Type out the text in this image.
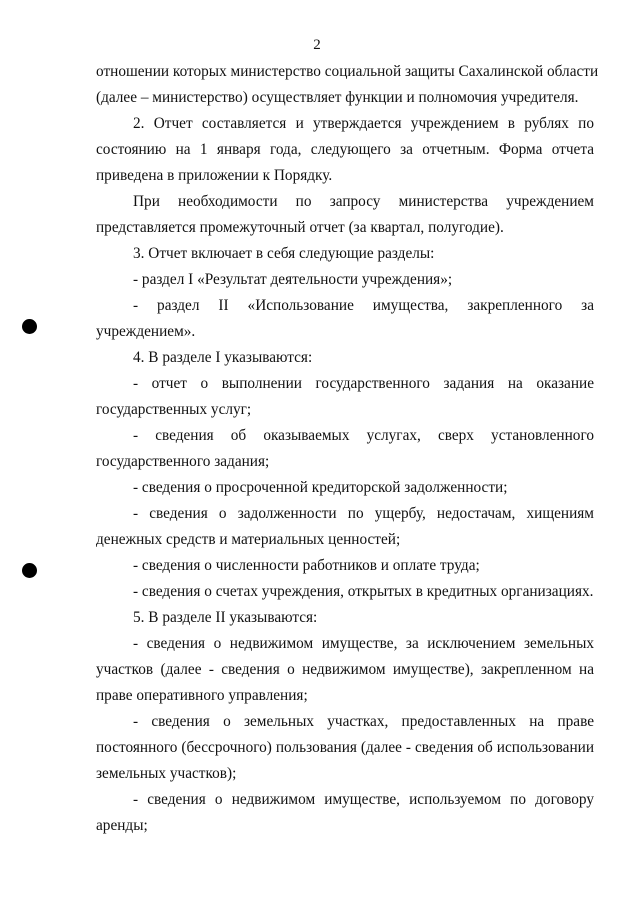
2
отношении которых министерство социальной защиты Сахалинской области
(далее – министерство) осуществляет функции и полномочия учредителя.
2. Отчет составляется и утверждается учреждением в рублях по
состоянию на 1 января года, следующего за отчетным. Форма отчета
приведена в приложении к Порядку.
При необходимости по запросу министерства учреждением
представляется промежуточный отчет (за квартал, полугодие).
3. Отчет включает в себя следующие разделы:
- раздел I «Результат деятельности учреждения»;
- раздел II «Использование имущества, закрепленного за
учреждением».
4. В разделе I указываются:
- отчет о выполнении государственного задания на оказание
государственных услуг;
- сведения об оказываемых услугах, сверх установленного
государственного задания;
- сведения о просроченной кредиторской задолженности;
- сведения о задолженности по ущербу, недостачам, хищениям
денежных средств и материальных ценностей;
- сведения о численности работников и оплате труда;
- сведения о счетах учреждения, открытых в кредитных организациях.
5. В разделе II указываются:
- сведения о недвижимом имуществе, за исключением земельных
участков (далее - сведения о недвижимом имуществе), закрепленном на
праве оперативного управления;
- сведения о земельных участках, предоставленных на праве
постоянного (бессрочного) пользования (далее - сведения об использовании
земельных участков);
- сведения о недвижимом имуществе, используемом по договору
аренды;
